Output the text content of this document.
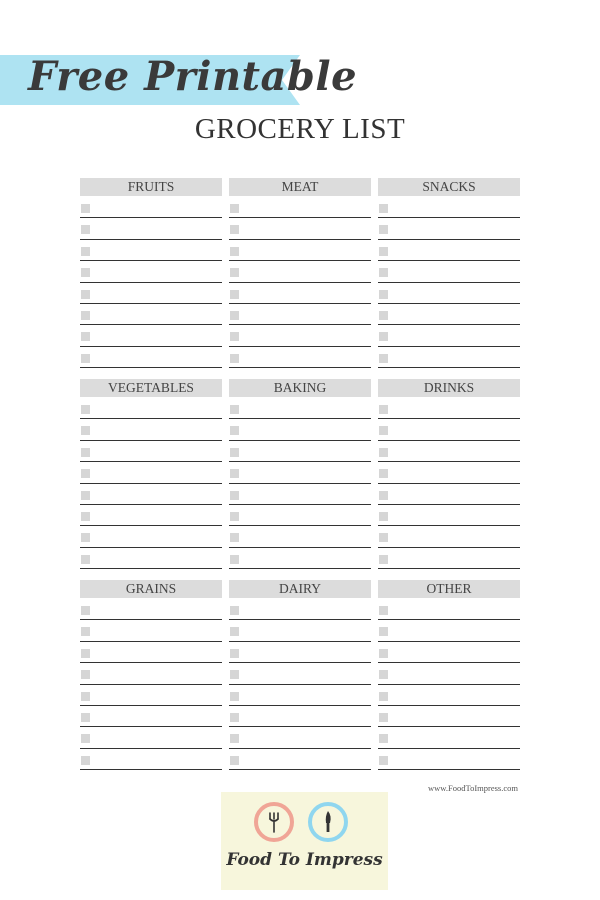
Free Printable
GROCERY LIST
FRUITS	MEAT	SNACKS
VEGETABLES	BAKING	DRINKS
GRAINS	DAIRY	OTHER
www.FoodToImpress.com
Food To Impress
